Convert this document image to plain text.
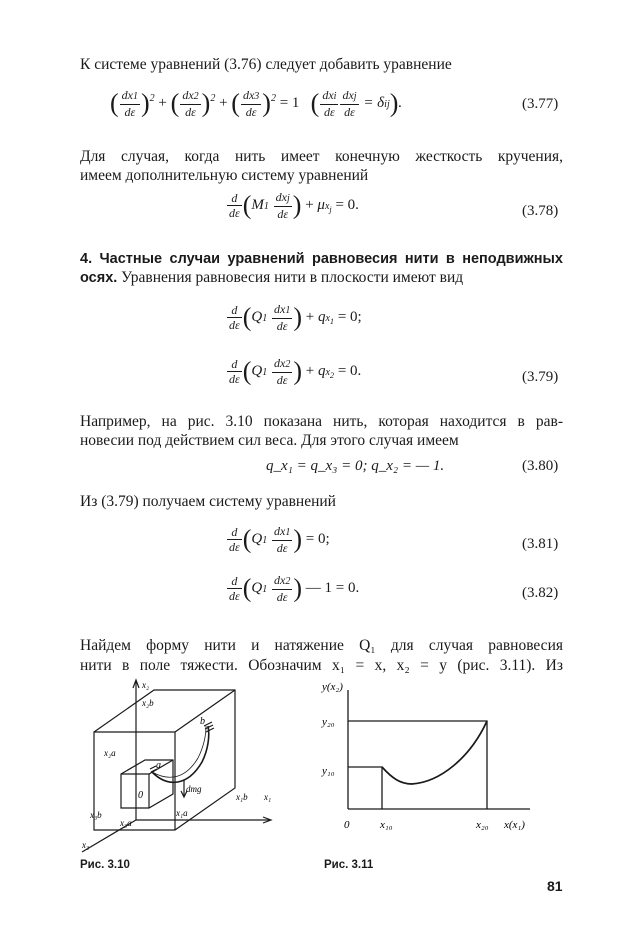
К системе уравнений (3.76) следует добавить уравнение
( $\frac{dx1}{d\varepsilon} )^2$ + ( $\frac{dx2}{d\varepsilon} )^2$ + ( $\frac{dx3}{d\varepsilon} )^2 = 1$ ( $\frac{\text{dxi}}{d\varepsilon} \frac{\text{dxj}}{d\varepsilon} = \delta ij$).	(3.77)
Для случая, когда нить имеет конечную жесткость кручения,
имеем дополнительную систему уравнений
$\frac{d}{d\varepsilon} (M1 \frac{\text{dxj}}{d\varepsilon}$ ) + $\mu x_j = 0$.	(3.78)
4. Частные случаи уравнений равновесия нити в неподвижных
осях. Уравнения равновесия нити в плоскости имеют вид
$\frac{d}{d\varepsilon} (Q1 \frac{dx1}{d\varepsilon}$ ) + $qx_1 = 0$;
$\frac{d}{d\varepsilon} (Q1 \frac{dx2}{d\varepsilon}$ ) + $qx_2 = 0$.	(3.79)
Например, на рис. 3.10 показана нить, которая находится в рав-
новесии под действием сил веса. Для этого случая имеем
q_x₁ = q_x₃ = 0; q_x₂ = — 1.	(3.80)
Из (3.79) получаем систему уравнений
$\frac{d}{d\varepsilon} (Q1 \frac{dx1}{d\varepsilon}$ ) = 0;	(3.81)
$\frac{d}{d\varepsilon} (Q1 \frac{dx2}{d\varepsilon}$ ) — 1 = 0.	(3.82)
Найдем форму нити и натяжение Q₁ для случая равновесия
нити в поле тяжести. Обозначим x₁ = x, x₂ = y (рис. 3.11). Из
x₂
x₂b
x₂a
a
b
0
dmg
x₁a
x₁b x₁
x₃b
x₃a
x₃
y(x₂)
y₂₀
y₁₀
0	x₁₀	x₂₀ x(x₁)
Рис. 3.10	Рис. 3.11
81
